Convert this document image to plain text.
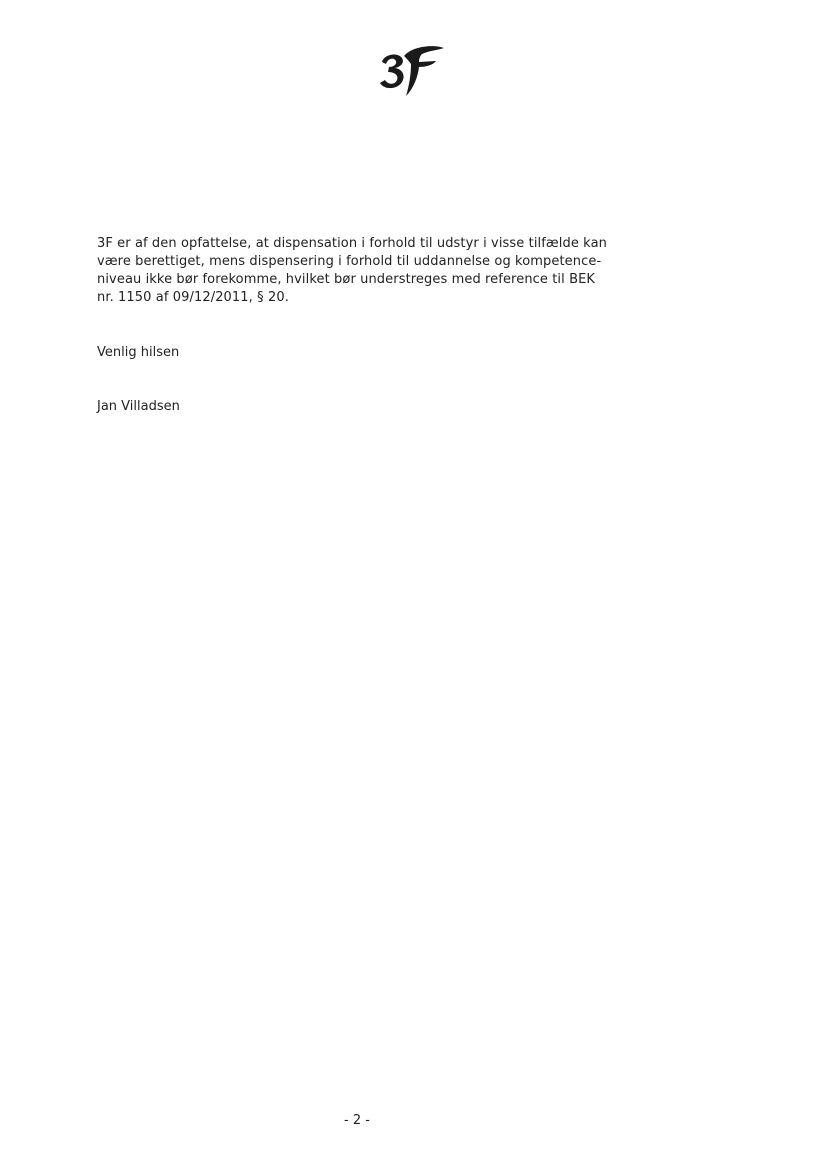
3F er af den opfattelse, at dispensation i forhold til udstyr i visse tilfælde kan
være berettiget, mens dispensering i forhold til uddannelse og kompetence-
niveau ikke bør forekomme, hvilket bør understreges med reference til BEK
nr. 1150 af 09/12/2011, § 20.
Venlig hilsen
Jan Villadsen
- 2 -
